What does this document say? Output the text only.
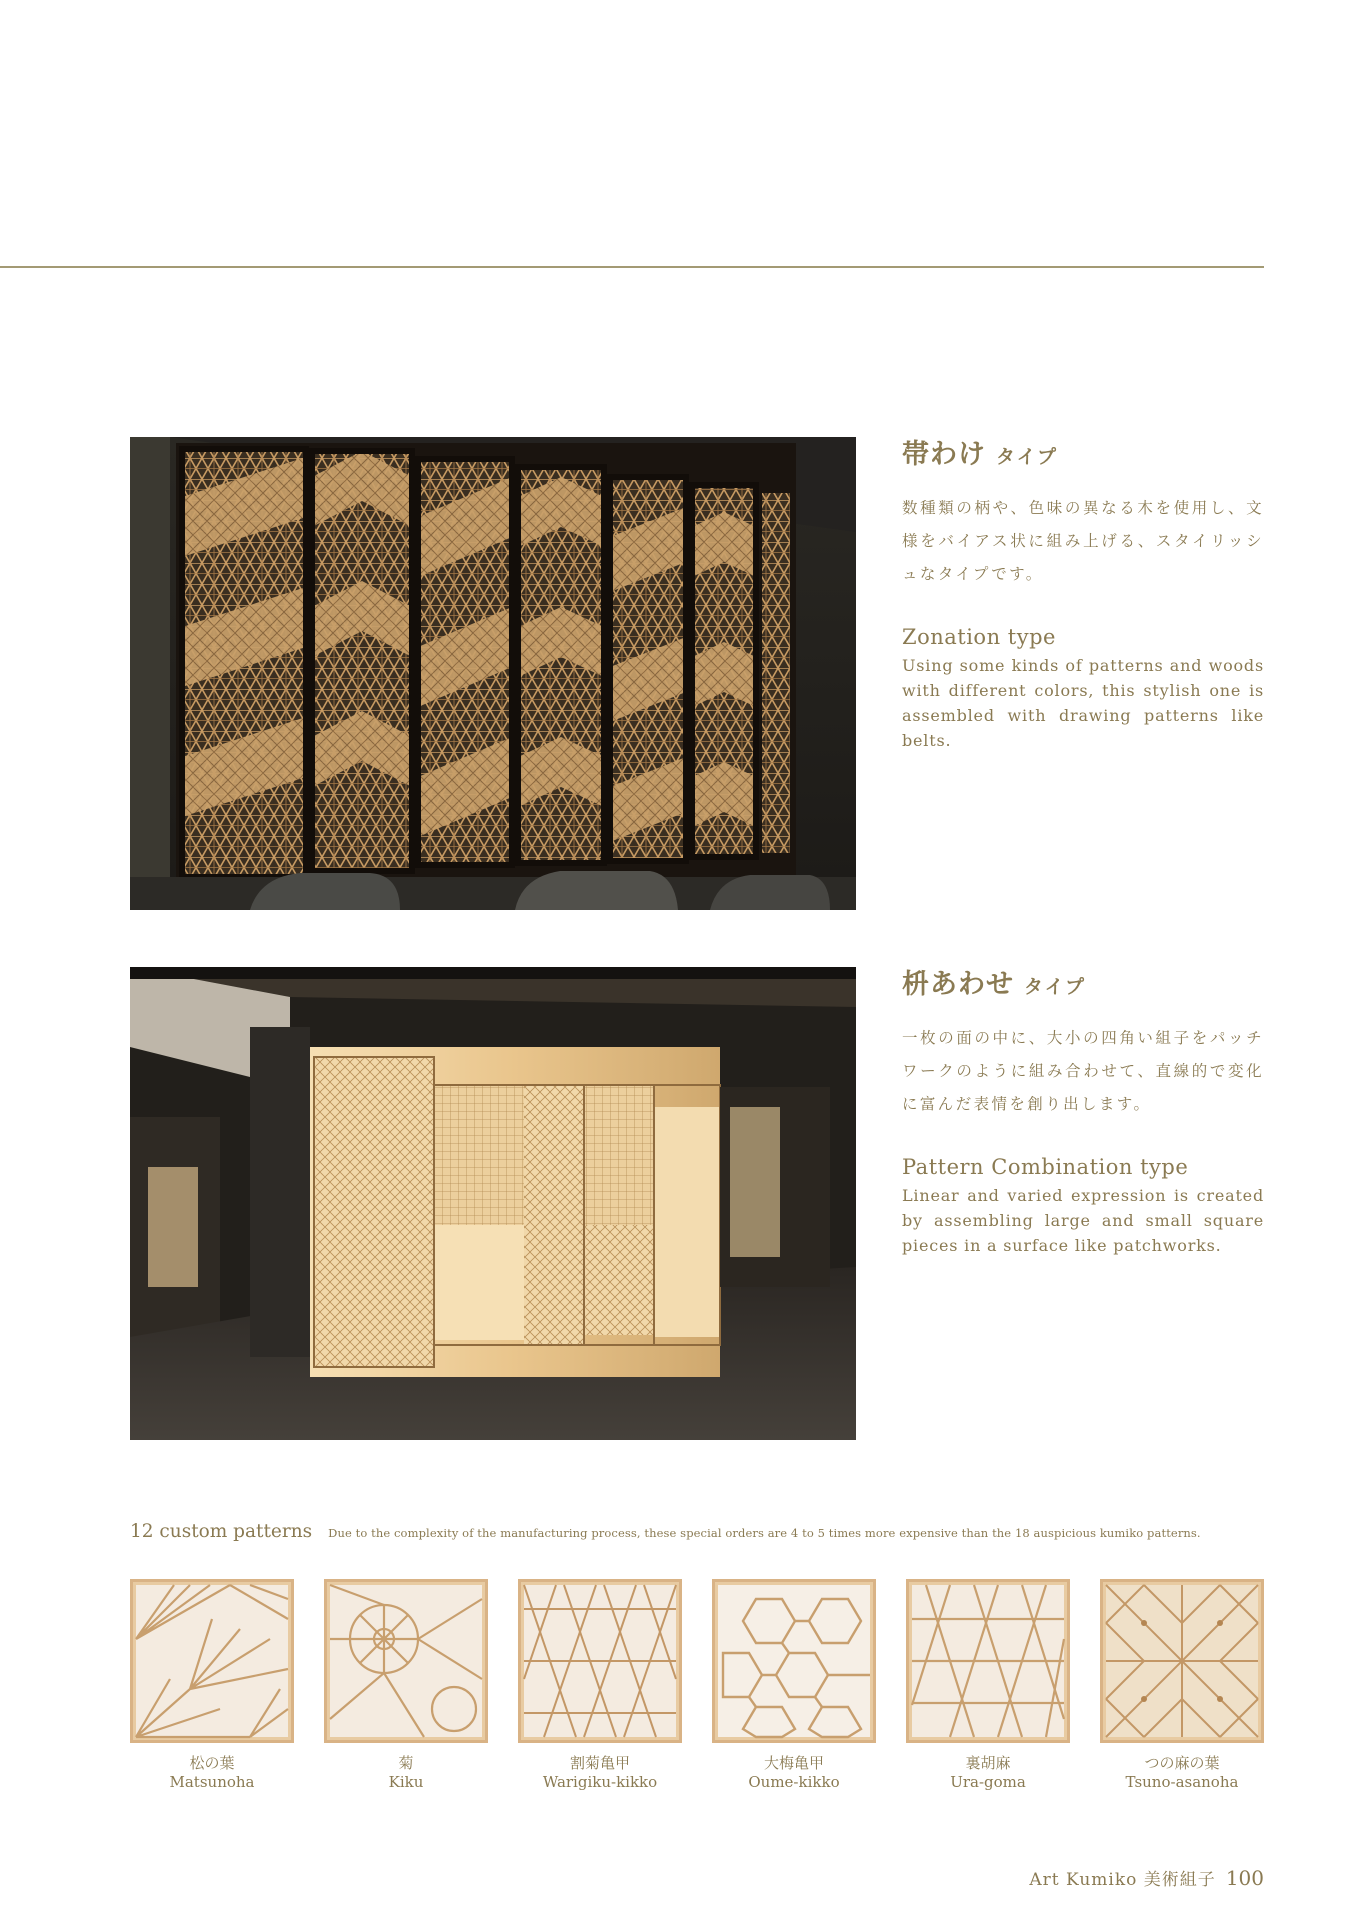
帯わけ タイプ
数種類の柄や、色味の異なる木を使用し、文様をバイアス状に組み上げる、スタイリッシュなタイプです。
Zonation type
Using some kinds of patterns and woods with different colors, this stylish one is assembled with drawing patterns like belts.
枡あわせ タイプ
一枚の面の中に、大小の四角い組子をパッチワークのように組み合わせて、直線的で変化に富んだ表情を創り出します。
Pattern Combination type
Linear and varied expression is created by assembling large and small square pieces in a surface like patchworks.
12 custom patterns Due to the complexity of the manufacturing process, these special orders are 4 to 5 times more expensive than the 18 auspicious kumiko patterns.
松の葉
Matsunoha
菊
Kiku
割菊亀甲
Warigiku-kikko
大梅亀甲
Oume-kikko
裏胡麻
Ura-goma
つの麻の葉
Tsuno-asanoha
Art Kumiko 美術組子 100
